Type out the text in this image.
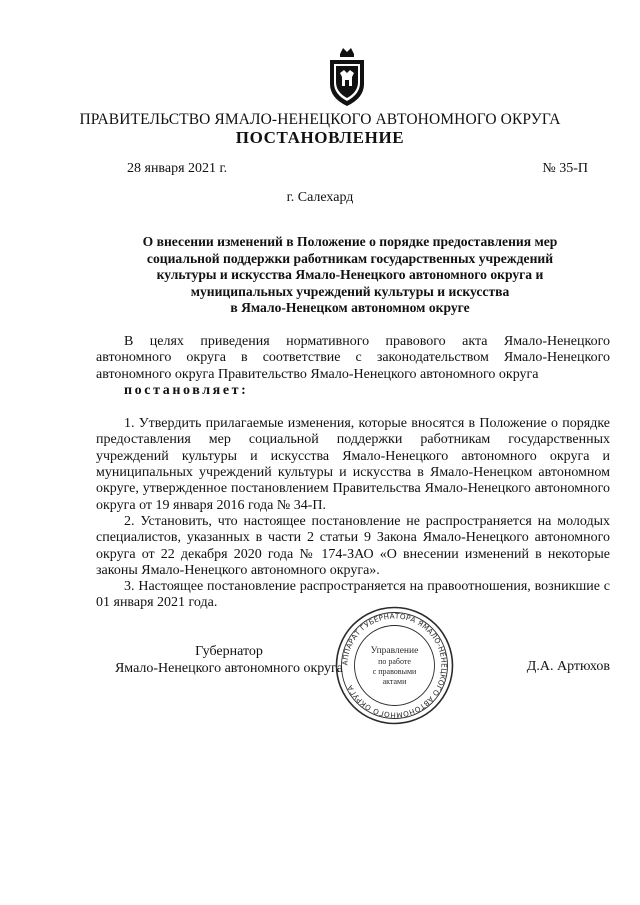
ПРАВИТЕЛЬСТВО ЯМАЛО-НЕНЕЦКОГО АВТОНОМНОГО ОКРУГА
ПОСТАНОВЛЕНИЕ
28 января 2021 г.	№ 35-П
г. Салехард
О внесении изменений в Положение о порядке предоставления мер
социальной поддержки работникам государственных учреждений
культуры и искусства Ямало-Ненецкого автономного округа и
муниципальных учреждений культуры и искусства
в Ямало-Ненецком автономном округе

В целях приведения нормативного правового акта Ямало-Ненецкого автономного округа в соответствие с законодательством Ямало-Ненецкого автономного округа Правительство Ямало-Ненецкого автономного округа

постановляет:

1. Утвердить прилагаемые изменения, которые вносятся в Положение о порядке предоставления мер социальной поддержки работникам государственных учреждений культуры и искусства Ямало-Ненецкого автономного округа и муниципальных учреждений культуры и искусства в Ямало-Ненецком автономном округе, утвержденное постановлением Правительства Ямало-Ненецкого автономного округа от 19 января 2016 года № 34-П.

2. Установить, что настоящее постановление не распространяется на молодых специалистов, указанных в части 2 статьи 9 Закона Ямало-Ненецкого автономного округа от 22 декабря 2020 года № 174-ЗАО «О внесении изменений в некоторые законы Ямало-Ненецкого автономного округа».

3. Настоящее постановление распространяется на правоотношения, возникшие с 01 января 2021 года.

Губернатор
Ямало-Ненецкого автономного округа	Д.А. Артюхов
АППАРАТ ГУБЕРНАТОРА ЯМАЛО-НЕНЕЦКОГО АВТОНОМНОГО ОКРУГА
Управление
по работе
с правовыми
актами
